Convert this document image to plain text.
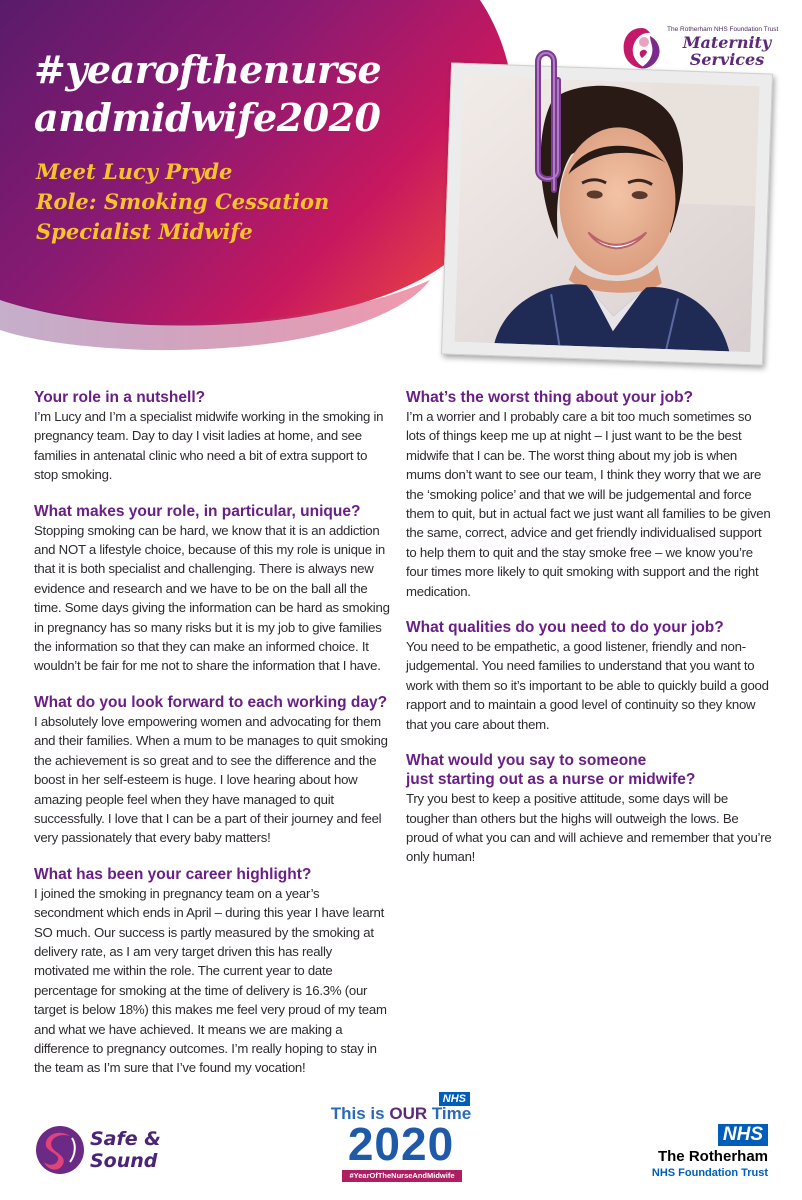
#yearofthenurse
andmidwife2020
Meet Lucy Pryde
Role: Smoking Cessation
Specialist Midwife
The Rotherham NHS Foundation Trust
Maternity
Services
Your role in a nutshell?

I’m Lucy and I’m a specialist midwife working in the smoking in pregnancy team. Day to day I visit ladies at home, and see families in antenatal clinic who need a bit of extra support to stop smoking.

What makes your role, in particular, unique?

Stopping smoking can be hard, we know that it is an addiction and NOT a lifestyle choice, because of this my role is unique in that it is both specialist and challenging. There is always new evidence and research and we have to be on the ball all the time. Some days giving the information can be hard as smoking in pregnancy has so many risks but it is my job to give families the information so that they can make an informed choice. It wouldn’t be fair for me not to share the information that I have.

What do you look forward to each working day?

I absolutely love empowering women and advocating for them and their families. When a mum to be manages to quit smoking the achievement is so great and to see the difference and the boost in her self-esteem is huge. I love hearing about how amazing people feel when they have managed to quit successfully. I love that I can be a part of their journey and feel very passionately that every baby matters!

What has been your career highlight?

I joined the smoking in pregnancy team on a year’s secondment which ends in April – during this year I have learnt SO much. Our success is partly measured by the smoking at delivery rate, as I am very target driven this has really motivated me within the role. The current year to date percentage for smoking at the time of delivery is 16.3% (our target is below 18%) this makes me feel very proud of my team and what we have achieved. It means we are making a difference to pregnancy outcomes. I’m really hoping to stay in the team as I’m sure that I’ve found my vocation!

What’s the worst thing about your job?

I’m a worrier and I probably care a bit too much sometimes so lots of things keep me up at night – I just want to be the best midwife that I can be. The worst thing about my job is when mums don’t want to see our team, I think they worry that we are the ‘smoking police’ and that we will be judgemental and force them to quit, but in actual fact we just want all families to be given the same, correct, advice and get friendly individualised support to help them to quit and the stay smoke free – we know you’re four times more likely to quit smoking with support and the right medication.

What qualities do you need to do your job?

You need to be empathetic, a good listener, friendly and non-judgemental. You need families to understand that you want to work with them so it’s important to be able to quickly build a good rapport and to maintain a good level of continuity so they know that you care about them.

What would you say to someone
just starting out as a nurse or midwife?

Try you best to keep a positive attitude, some days will be tougher than others but the highs will outweigh the lows. Be proud of what you can and will achieve and remember that you’re only human!

Safe &
Sound
NHS
This is OUR Time
2020
#YearOfTheNurseAndMidwife
NHS
The Rotherham
NHS Foundation Trust
